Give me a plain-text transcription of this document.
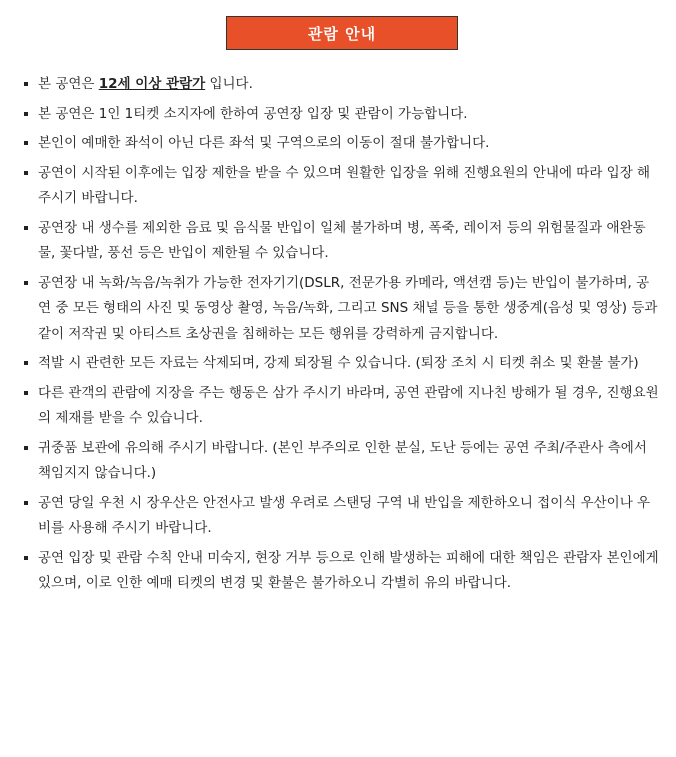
관람 안내
본 공연은 12세 이상 관람가 입니다.
본 공연은 1인 1티켓 소지자에 한하여 공연장 입장 및 관람이 가능합니다.
본인이 예매한 좌석이 아닌 다른 좌석 및 구역으로의 이동이 절대 불가합니다.
공연이 시작된 이후에는 입장 제한을 받을 수 있으며 원활한 입장을 위해 진행요원의 안내에 따라 입장 해주시기 바랍니다.
공연장 내 생수를 제외한 음료 및 음식물 반입이 일체 불가하며 병, 폭죽, 레이저 등의 위험물질과 애완동물, 꽃다발, 풍선 등은 반입이 제한될 수 있습니다.
공연장 내 녹화/녹음/녹취가 가능한 전자기기(DSLR, 전문가용 카메라, 액션캠 등)는 반입이 불가하며, 공연 중 모든 형태의 사진 및 동영상 촬영, 녹음/녹화, 그리고 SNS 채널 등을 통한 생중계(음성 및 영상) 등과 같이 저작권 및 아티스트 초상권을 침해하는 모든 행위를 강력하게 금지합니다.
적발 시 관련한 모든 자료는 삭제되며, 강제 퇴장될 수 있습니다. (퇴장 조치 시 티켓 취소 및 환불 불가)
다른 관객의 관람에 지장을 주는 행동은 삼가 주시기 바라며, 공연 관람에 지나친 방해가 될 경우, 진행요원의 제재를 받을 수 있습니다.
귀중품 보관에 유의해 주시기 바랍니다. (본인 부주의로 인한 분실, 도난 등에는 공연 주최/주관사 측에서 책임지지 않습니다.)
공연 당일 우천 시 장우산은 안전사고 발생 우려로 스탠딩 구역 내 반입을 제한하오니 접이식 우산이나 우비를 사용해 주시기 바랍니다.
공연 입장 및 관람 수칙 안내 미숙지, 현장 거부 등으로 인해 발생하는 피해에 대한 책임은 관람자 본인에게 있으며, 이로 인한 예매 티켓의 변경 및 환불은 불가하오니 각별히 유의 바랍니다.
